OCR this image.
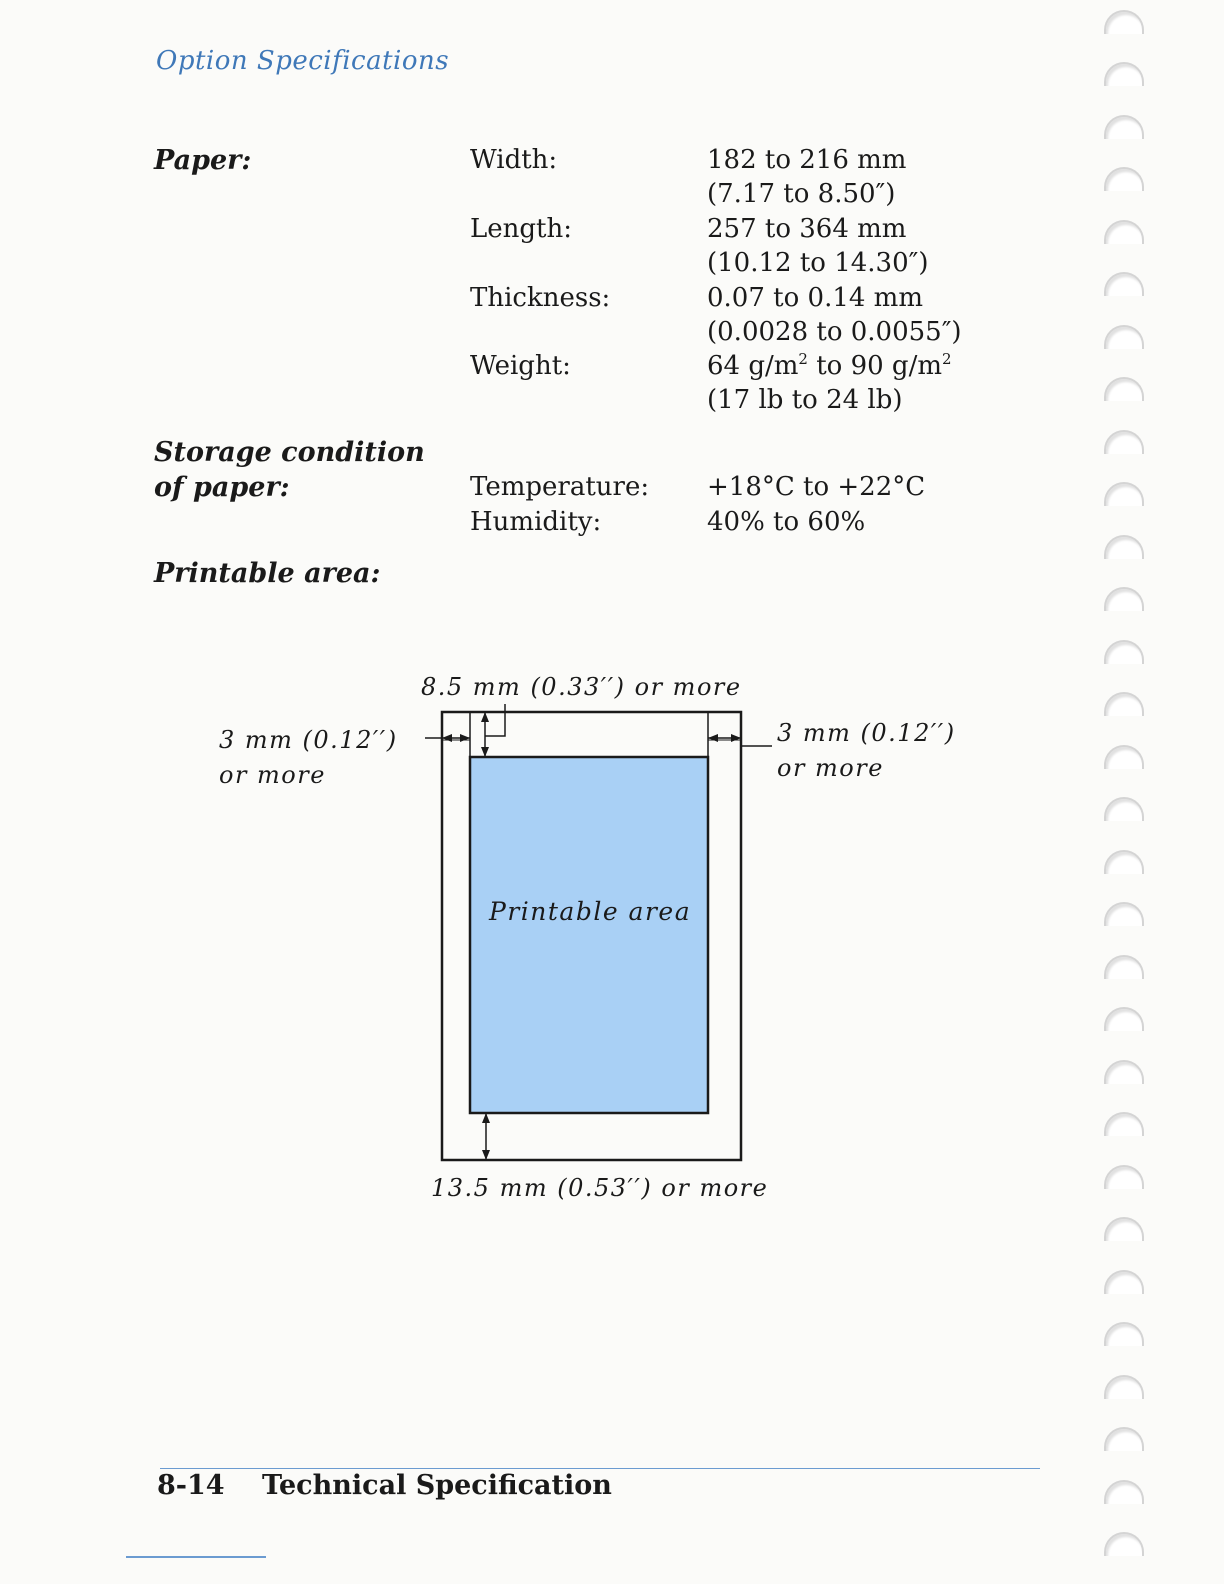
Option Specifications
Paper:	Width:	182 to 216 mm
(7.17 to 8.50″)
Length:	257 to 364 mm
(10.12 to 14.30″)
Thickness:	0.07 to 0.14 mm
(0.0028 to 0.0055″)
Weight:	64 $g/m^2$ to 90 $g/m^2$
(17 lb to 24 lb)
Storage condition
of paper:	Temperature: +18°C to +22°C
Humidity:	40% to 60%
Printable area:
8.5 mm (0.33′′) or more
3 mm (0.12′′)
or more
3 mm (0.12′′)
or more
Printable area
13.5 mm (0.53′′) or more
8-14 Technical Specification
